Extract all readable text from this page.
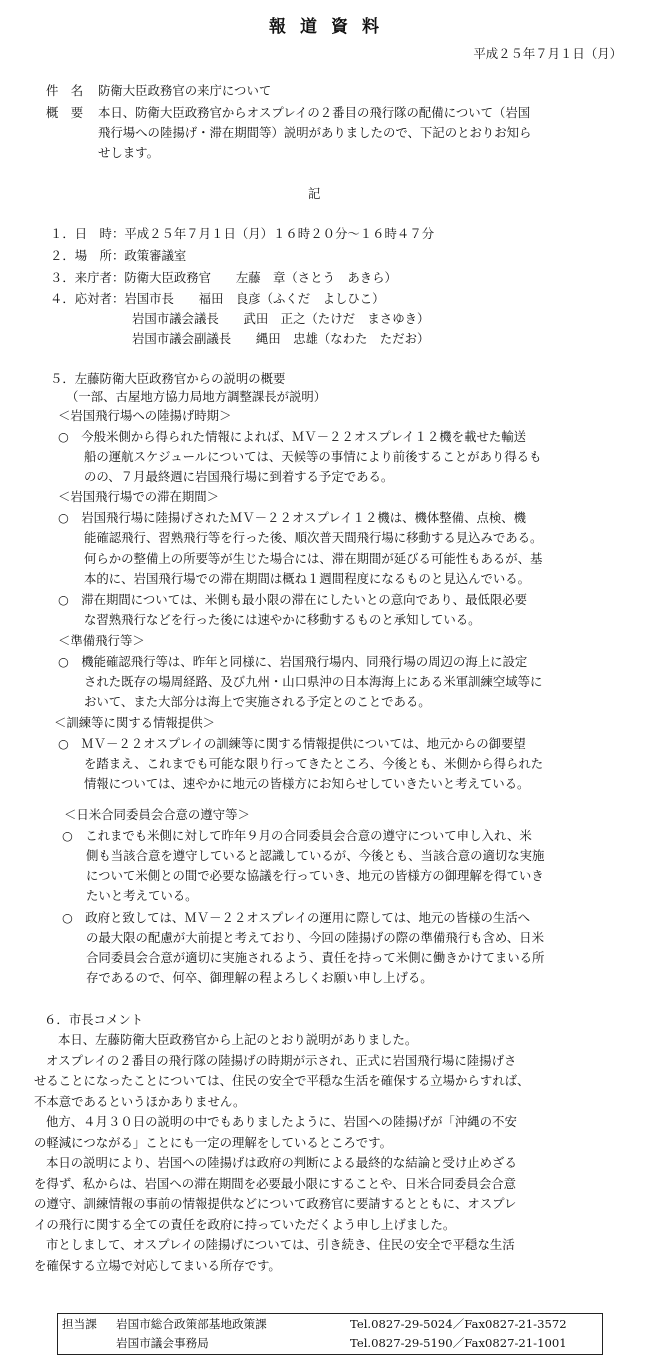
報道資料
平成２５年７月１日（月）
件　名 防衛大臣政務官の来庁について
概　要 本日、防衛大臣政務官からオスプレイの２番目の飛行隊の配備について（岩国
飛行場への陸揚げ・滞在期間等）説明がありましたので、下記のとおりお知ら
せします。
記
１．日　時：平成２５年７月１日（月）１６時２０分～１６時４７分
２．場　所：政策審議室
３．来庁者：防衛大臣政務官　　左藤　章（さとう　あきら）
４．応対者：岩国市長　　福田　良彦（ふくだ　よしひこ）
岩国市議会議長　　武田　正之（たけだ　まさゆき）
岩国市議会副議長　　縄田　忠雄（なわた　ただお）
５．左藤防衛大臣政務官からの説明の概要
（一部、古屋地方協力局地方調整課長が説明）
＜岩国飛行場への陸揚げ時期＞
○　今般米側から得られた情報によれば、ＭＶ－２２オスプレイ１２機を載せた輸送
船の運航スケジュールについては、天候等の事情により前後することがあり得るも
のの、７月最終週に岩国飛行場に到着する予定である。
＜岩国飛行場での滞在期間＞
○　岩国飛行場に陸揚げされたＭＶ－２２オスプレイ１２機は、機体整備、点検、機
能確認飛行、習熟飛行等を行った後、順次普天間飛行場に移動する見込みである。
何らかの整備上の所要等が生じた場合には、滞在期間が延びる可能性もあるが、基
本的に、岩国飛行場での滞在期間は概ね１週間程度になるものと見込んでいる。
○　滞在期間については、米側も最小限の滞在にしたいとの意向であり、最低限必要
な習熟飛行などを行った後には速やかに移動するものと承知している。
＜準備飛行等＞
○　機能確認飛行等は、昨年と同様に、岩国飛行場内、同飛行場の周辺の海上に設定
された既存の場周経路、及び九州・山口県沖の日本海海上にある米軍訓練空域等に
おいて、また大部分は海上で実施される予定とのことである。
＜訓練等に関する情報提供＞
○　ＭＶ－２２オスプレイの訓練等に関する情報提供については、地元からの御要望
を踏まえ、これまでも可能な限り行ってきたところ、今後とも、米側から得られた
情報については、速やかに地元の皆様方にお知らせしていきたいと考えている。
＜日米合同委員会合意の遵守等＞
○　これまでも米側に対して昨年９月の合同委員会合意の遵守について申し入れ、米
側も当該合意を遵守していると認識しているが、今後とも、当該合意の適切な実施
について米側との間で必要な協議を行っていき、地元の皆様方の御理解を得ていき
たいと考えている。
○　政府と致しては、ＭＶ－２２オスプレイの運用に際しては、地元の皆様の生活へ
の最大限の配慮が大前提と考えており、今回の陸揚げの際の準備飛行も含め、日米
合同委員会合意が適切に実施されるよう、責任を持って米側に働きかけてまいる所
存であるので、何卒、御理解の程よろしくお願い申し上げる。
６．市長コメント
本日、左藤防衛大臣政務官から上記のとおり説明がありました。
オスプレイの２番目の飛行隊の陸揚げの時期が示され、正式に岩国飛行場に陸揚げさ
せることになったことについては、住民の安全で平穏な生活を確保する立場からすれば、
不本意であるというほかありません。
他方、４月３０日の説明の中でもありましたように、岩国への陸揚げが「沖縄の不安
の軽減につながる」ことにも一定の理解をしているところです。
本日の説明により、岩国への陸揚げは政府の判断による最終的な結論と受け止めざる
を得ず、私からは、岩国への滞在期間を必要最小限にすることや、日米合同委員会合意
の遵守、訓練情報の事前の情報提供などについて政務官に要請するとともに、オスプレ
イの飛行に関する全ての責任を政府に持っていただくよう申し上げました。
市としまして、オスプレイの陸揚げについては、引き続き、住民の安全で平穏な生活
を確保する立場で対応してまいる所存です。
担当課 岩国市総合政策部基地政策課	Tel.0827-29-5024／Fax0827-21-3572
岩国市議会事務局	Tel.0827-29-5190／Fax0827-21-1001
